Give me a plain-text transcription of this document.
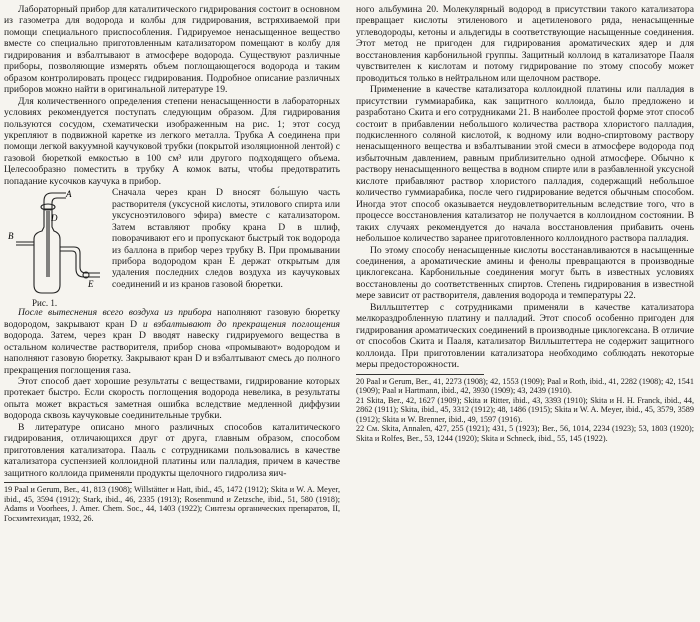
Лабораторный прибор для каталитического гидрирования состоит в основном из газометра для водорода и колбы для гидрирования, встряхиваемой при помощи специального приспособления. Гидрируемое ненасыщенное вещество вместе со специально приготовленным катализатором помещают в колбу для гидрирования и взбалтывают в атмосфере водорода. Существуют различные приборы, позволяющие измерять объем поглощающегося водорода и таким образом контролировать процесс гидрирования. Подробное описание различных приборов можно найти в оригинальной литературе 19.

Для количественного определения степени ненасыщенности в лабораторных условиях рекомендуется поступать следующим образом. Для гидрирования пользуются сосудом, схематически изображенным на рис. 1; этот сосуд укрепляют в подвижной каретке из легкого металла. Трубка A соединена при помощи легкой вакуумной каучуковой трубки (покрытой изоляционной лентой) с газовой бюреткой емкостью в 100 см³ или другого подходящего объема. Целесообразно поместить в трубку A комок ваты, чтобы предотвратить попадание кусочков каучука в прибор.

A
D
B
E
Рис. 1.

Сначала через кран D вносят бо́льшую часть растворителя (уксусной кислоты, этилового спирта или уксусноэтилового эфира) вместе с катализатором. Затем вставляют пробку крана D в шлиф, поворачивают его и пропускают быстрый ток водорода из баллона в прибор через трубку B. При промывании прибора водородом кран E держат открытым для удаления последних следов воздуха из каучуковых соединений и из кранов газовой бюретки.

После вытеснения всего воздуха из прибора наполняют газовую бюретку водородом, закрывают кран D и взбалтывают до прекращения поглощения водорода. Затем, через кран D вводят навеску гидрируемого вещества в остальном количестве растворителя, прибор снова «промывают» водородом и наполняют газовую бюретку. Закрывают кран D и взбалтывают смесь до полного прекращения поглощения газа.

Этот способ дает хорошие результаты с веществами, гидрирование которых протекает быстро. Если скорость поглощения водорода невелика, в результаты опыта может вкрасться заметная ошибка вследствие медленной диффузии водорода сквозь каучуковые соединительные трубки.

В литературе описано много различных способов каталитического гидрирования, отличающихся друг от друга, главным образом, способом приготовления катализатора. Пааль с сотрудниками пользовались в качестве катализатора суспензией коллоидной платины или палладия, причем в качестве защитного коллоида применяли продукты щелочного гидролиза яич-

19 Paal и Gerum, Ber., 41, 813 (1908); Willstätter и Hatt, ibid., 45, 1472 (1912); Skita и W. A. Meyer, ibid., 45, 3594 (1912); Stark, ibid., 46, 2335 (1913); Rosenmund и Zetzsche, ibid., 51, 580 (1918); Adams и Voorhees, J. Amer. Chem. Soc., 44, 1403 (1922); Синтезы органических препаратов, II, Госхимтехиздат, 1932, 26.

ного альбумина 20. Молекулярный водород в присутствии такого катализатора превращает кислоты этиленового и ацетиленового ряда, ненасыщенные углеводороды, кетоны и альдегиды в соответствующие насыщенные соединения. Этот метод не пригоден для гидрирования ароматических ядер и для восстановления карбонильной группы. Защитный коллоид в катализаторе Пааля чувствителен к кислотам и потому гидрирование по этому способу может проводиться только в нейтральном или щелочном растворе.

Применение в качестве катализатора коллоидной платины или палладия в присутствии гуммиарабика, как защитного коллоида, было предложено и разработано Скита и его сотрудниками 21. В наиболее простой форме этот способ состоит в прибавлении небольшого количества раствора хлористого палладия, подкисленного соляной кислотой, к водному или водно-спиртовому раствору ненасыщенного вещества и взбалтывании этой смеси в атмосфере водорода под избыточным давлением, равным приблизительно одной атмосфере. Обычно к раствору ненасыщенного вещества в водном спирте или в разбавленной уксусной кислоте прибавляют раствор хлористого палладия, содержащий небольшое количество гуммиарабика, после чего гидрирование ведется обычным способом. Иногда этот способ оказывается неудовлетворительным вследствие того, что в процессе восстановления катализатор не получается в коллоидном состоянии. В таких случаях рекомендуется до начала восстановления прибавить очень небольшое количество заранее приготовленного коллоидного раствора палладия.

По этому способу ненасыщенные кислоты восстанавливаются в насыщенные соединения, а ароматические амины и фенолы превращаются в производные циклогексана. Карбонильные соединения могут быть в известных условиях восстановлены до соответственных спиртов. Степень гидрирования в известной мере зависит от растворителя, давления водорода и температуры 22.

Вилльштеттер с сотрудниками применяли в качестве катализатора мелкораздробленную платину и палладий. Этот способ особенно пригоден для гидрирования ароматических соединений в производные циклогексана. В отличие от способов Скита и Пааля, катализатор Вилльштеттера не содержит защитного коллоида. При приготовлении катализатора необходимо соблюдать некоторые меры предосторожности.

20 Paal и Gerum, Ber., 41, 2273 (1908); 42, 1553 (1909); Paal и Roth, ibid., 41, 2282 (1908); 42, 1541 (1909); Paal и Hartmann, ibid., 42, 3930 (1909); 43, 2439 (1910).

21 Skita, Ber., 42, 1627 (1909); Skita и Ritter, ibid., 43, 3393 (1910); Skita и H. H. Franck, ibid., 44, 2862 (1911); Skita, ibid., 45, 3312 (1912); 48, 1486 (1915); Skita и W. A. Meyer, ibid., 45, 3579, 3589 (1912); Skita и W. Brenner, ibid., 49, 1597 (1916).

22 Cм. Skita, Annalen, 427, 255 (1921); 431, 5 (1923); Ber., 56, 1014, 2234 (1923); 53, 1803 (1920); Skita и Rolfes, Ber., 53, 1244 (1920); Skita и Schneck, ibid., 55, 145 (1922).
